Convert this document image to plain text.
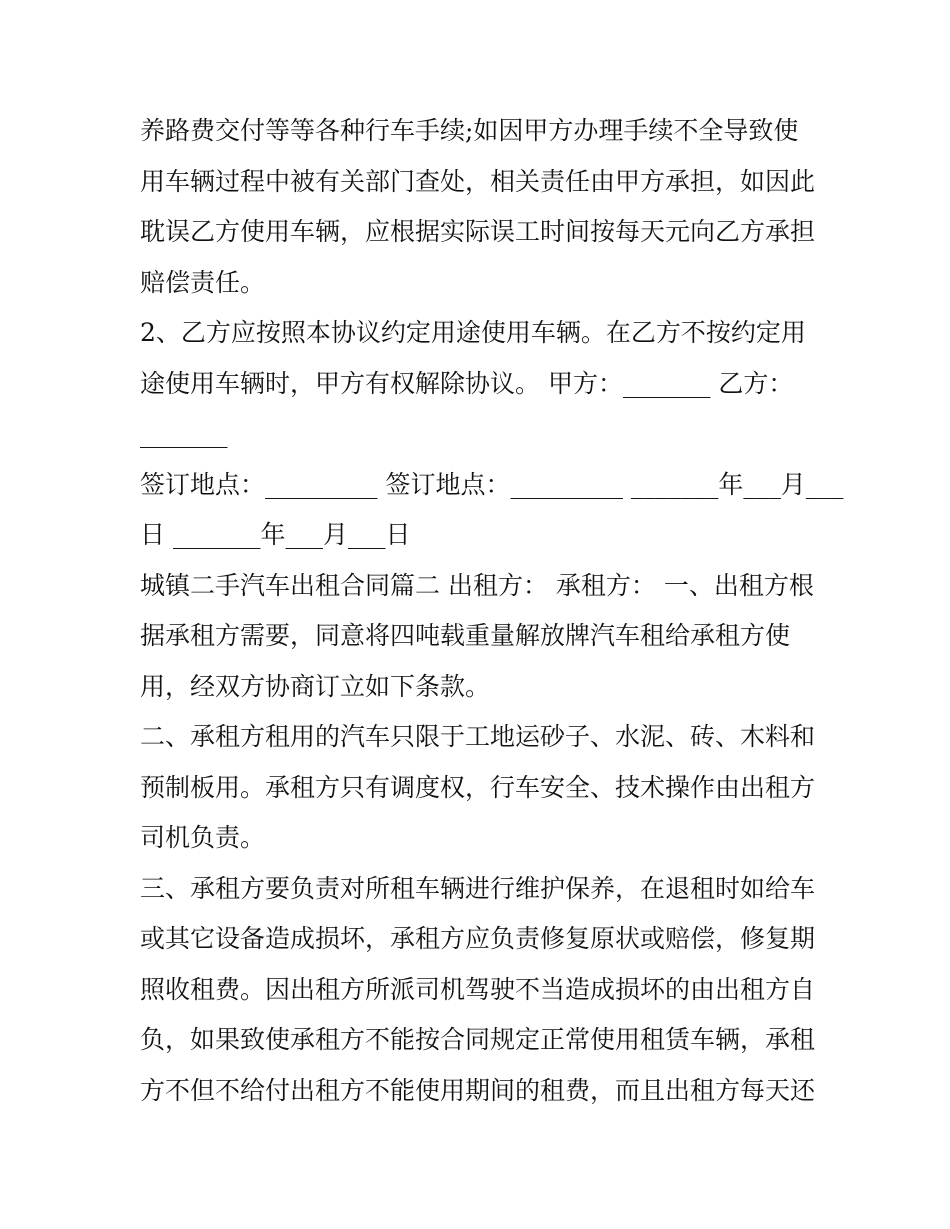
养路费交付等等各种行车手续;如因甲方办理手续不全导致使
用车辆过程中被有关部门查处，相关责任由甲方承担，如因此
耽误乙方使用车辆，应根据实际误工时间按每天元向乙方承担
赔偿责任。
2、乙方应按照本协议约定用途使用车辆。在乙方不按约定用
途使用车辆时，甲方有权解除协议。 甲方：_______ 乙方：
_______
签订地点：_________ 签订地点：_________ _______年___月___
日 _______年___月___日
城镇二手汽车出租合同篇二 出租方： 承租方： 一、出租方根
据承租方需要，同意将四吨载重量解放牌汽车租给承租方使
用，经双方协商订立如下条款。
二、承租方租用的汽车只限于工地运砂子、水泥、砖、木料和
预制板用。承租方只有调度权，行车安全、技术操作由出租方
司机负责。
三、承租方要负责对所租车辆进行维护保养，在退租时如给车
或其它设备造成损坏，承租方应负责修复原状或赔偿，修复期
照收租费。因出租方所派司机驾驶不当造成损坏的由出租方自
负，如果致使承租方不能按合同规定正常使用租赁车辆，承租
方不但不给付出租方不能使用期间的租费，而且出租方每天还
